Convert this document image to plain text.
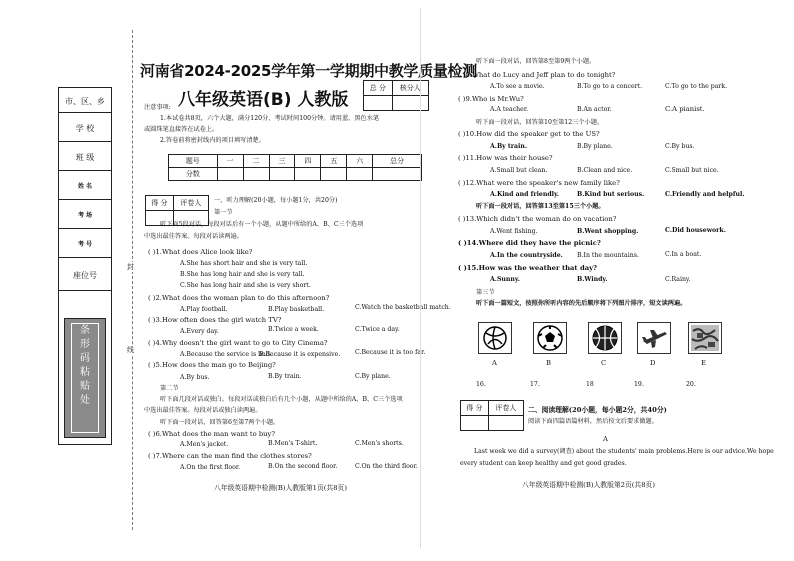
河南省2024-2025学年第一学期期中教学质量检测
八年级英语(B) 人教版
总 分	核分人

市、区、乡
学 校
班 级
姓 名
考 场
考 号
座位号
条
形
码
粘
贴
处
封
线
注意事项:
1.本试卷共8页，六个大题，满分120分，考试时间100分钟。请用蓝、黑色水笔
或圆珠笔直接答在试卷上。
2.答卷前将密封线内的项目填写清楚。
题号	一	二	三	四	五	六	总分
分数							
得 分	评卷人
	一、听力理解(20小题，每小题1分，共20分)
第一节
听下面5段对话，每段对话后有一个小题，从题中所给的A、B、C三个选项
中选出最佳答案。每段对话读两遍。
( )1.What does Alice look like?
A.She has short hair and she is very tall.
B.She has long hair and she is very tall.
C.She has long hair and she is very short.
( )2.What does the woman plan to do this afternoon?
A.Play football.	B.Play basketball.	C.Watch the basketball match.
( )3.How often does the girl watch TV?
A.Every day.	B.Twice a week.	C.Twice a day.
( )4.Why doesn't the girl want to go to City Cinema?
A.Because the service is bad.
B.Because it is expensive. C.Because it is too far.
( )5.How does the man go to Beijing?
A.By bus.	B.By train.	C.By plane.
第二节
听下面几段对话或独白。每段对话或独白后有几个小题，从题中所给的A、B、C三个选项
中选出最佳答案。每段对话或独白读两遍。
听下面一段对话，回答第6至第7两个小题。
( )6.What does the man want to buy?
A.Men's jacket.	B.Men's T-shirt.	C.Men's shorts.
( )7.Where can the man find the clothes stores?
A.On the first floor.	B.On the second floor.	C.On the third floor.
八年级英语期中检测(B)人教版第1页(共8页)
听下面一段对话，回答第8至第9两个小题。
( )8.What do Lucy and Jeff plan to do tonight?
A.To see a movie.	B.To go to a concert.	C.To go to the park.
( )9.Who is Mr.Wu?
A.A teacher.	B.An actor.	C.A pianist.
听下面一段对话，回答第10至第12三个小题。
( )10.How did the speaker get to the US?
A.By train.	B.By plane.	C.By bus.
( )11.How was their house?
A.Small but clean.	B.Clean and nice.	C.Small but nice.
( )12.What were the speaker's new family like?
A.Kind and friendly.	B.Kind but serious.	C.Friendly and helpful.
听下面一段对话，回答第13至第15三个小题。
( )13.Which didn't the woman do on vacation?
A.Went fishing.	B.Went shopping.	C.Did housework.
( )14.Where did they have the picnic?
A.In the countryside. B.In the mountains.	C.In a boat.
( )15.How was the weather that day?
A.Sunny.	B.Windy.	C.Rainy.
第三节
听下面一篇短文，按照你所听内容的先后顺序将下列图片排序，短文读两遍。
A	B	C	D	E
16.	17.	18	19.	20.
得 分	评卷人
	二、阅读理解(20小题，每小题2分，共40分)
阅读下面四篇语篇材料，然后按文后要求做题。
A
Last week we did a survey(调查) about the students' main problems.Here is our advice.We hope
every student can keep healthy and get good grades.
八年级英语期中检测(B)人教版第2页(共8页)
